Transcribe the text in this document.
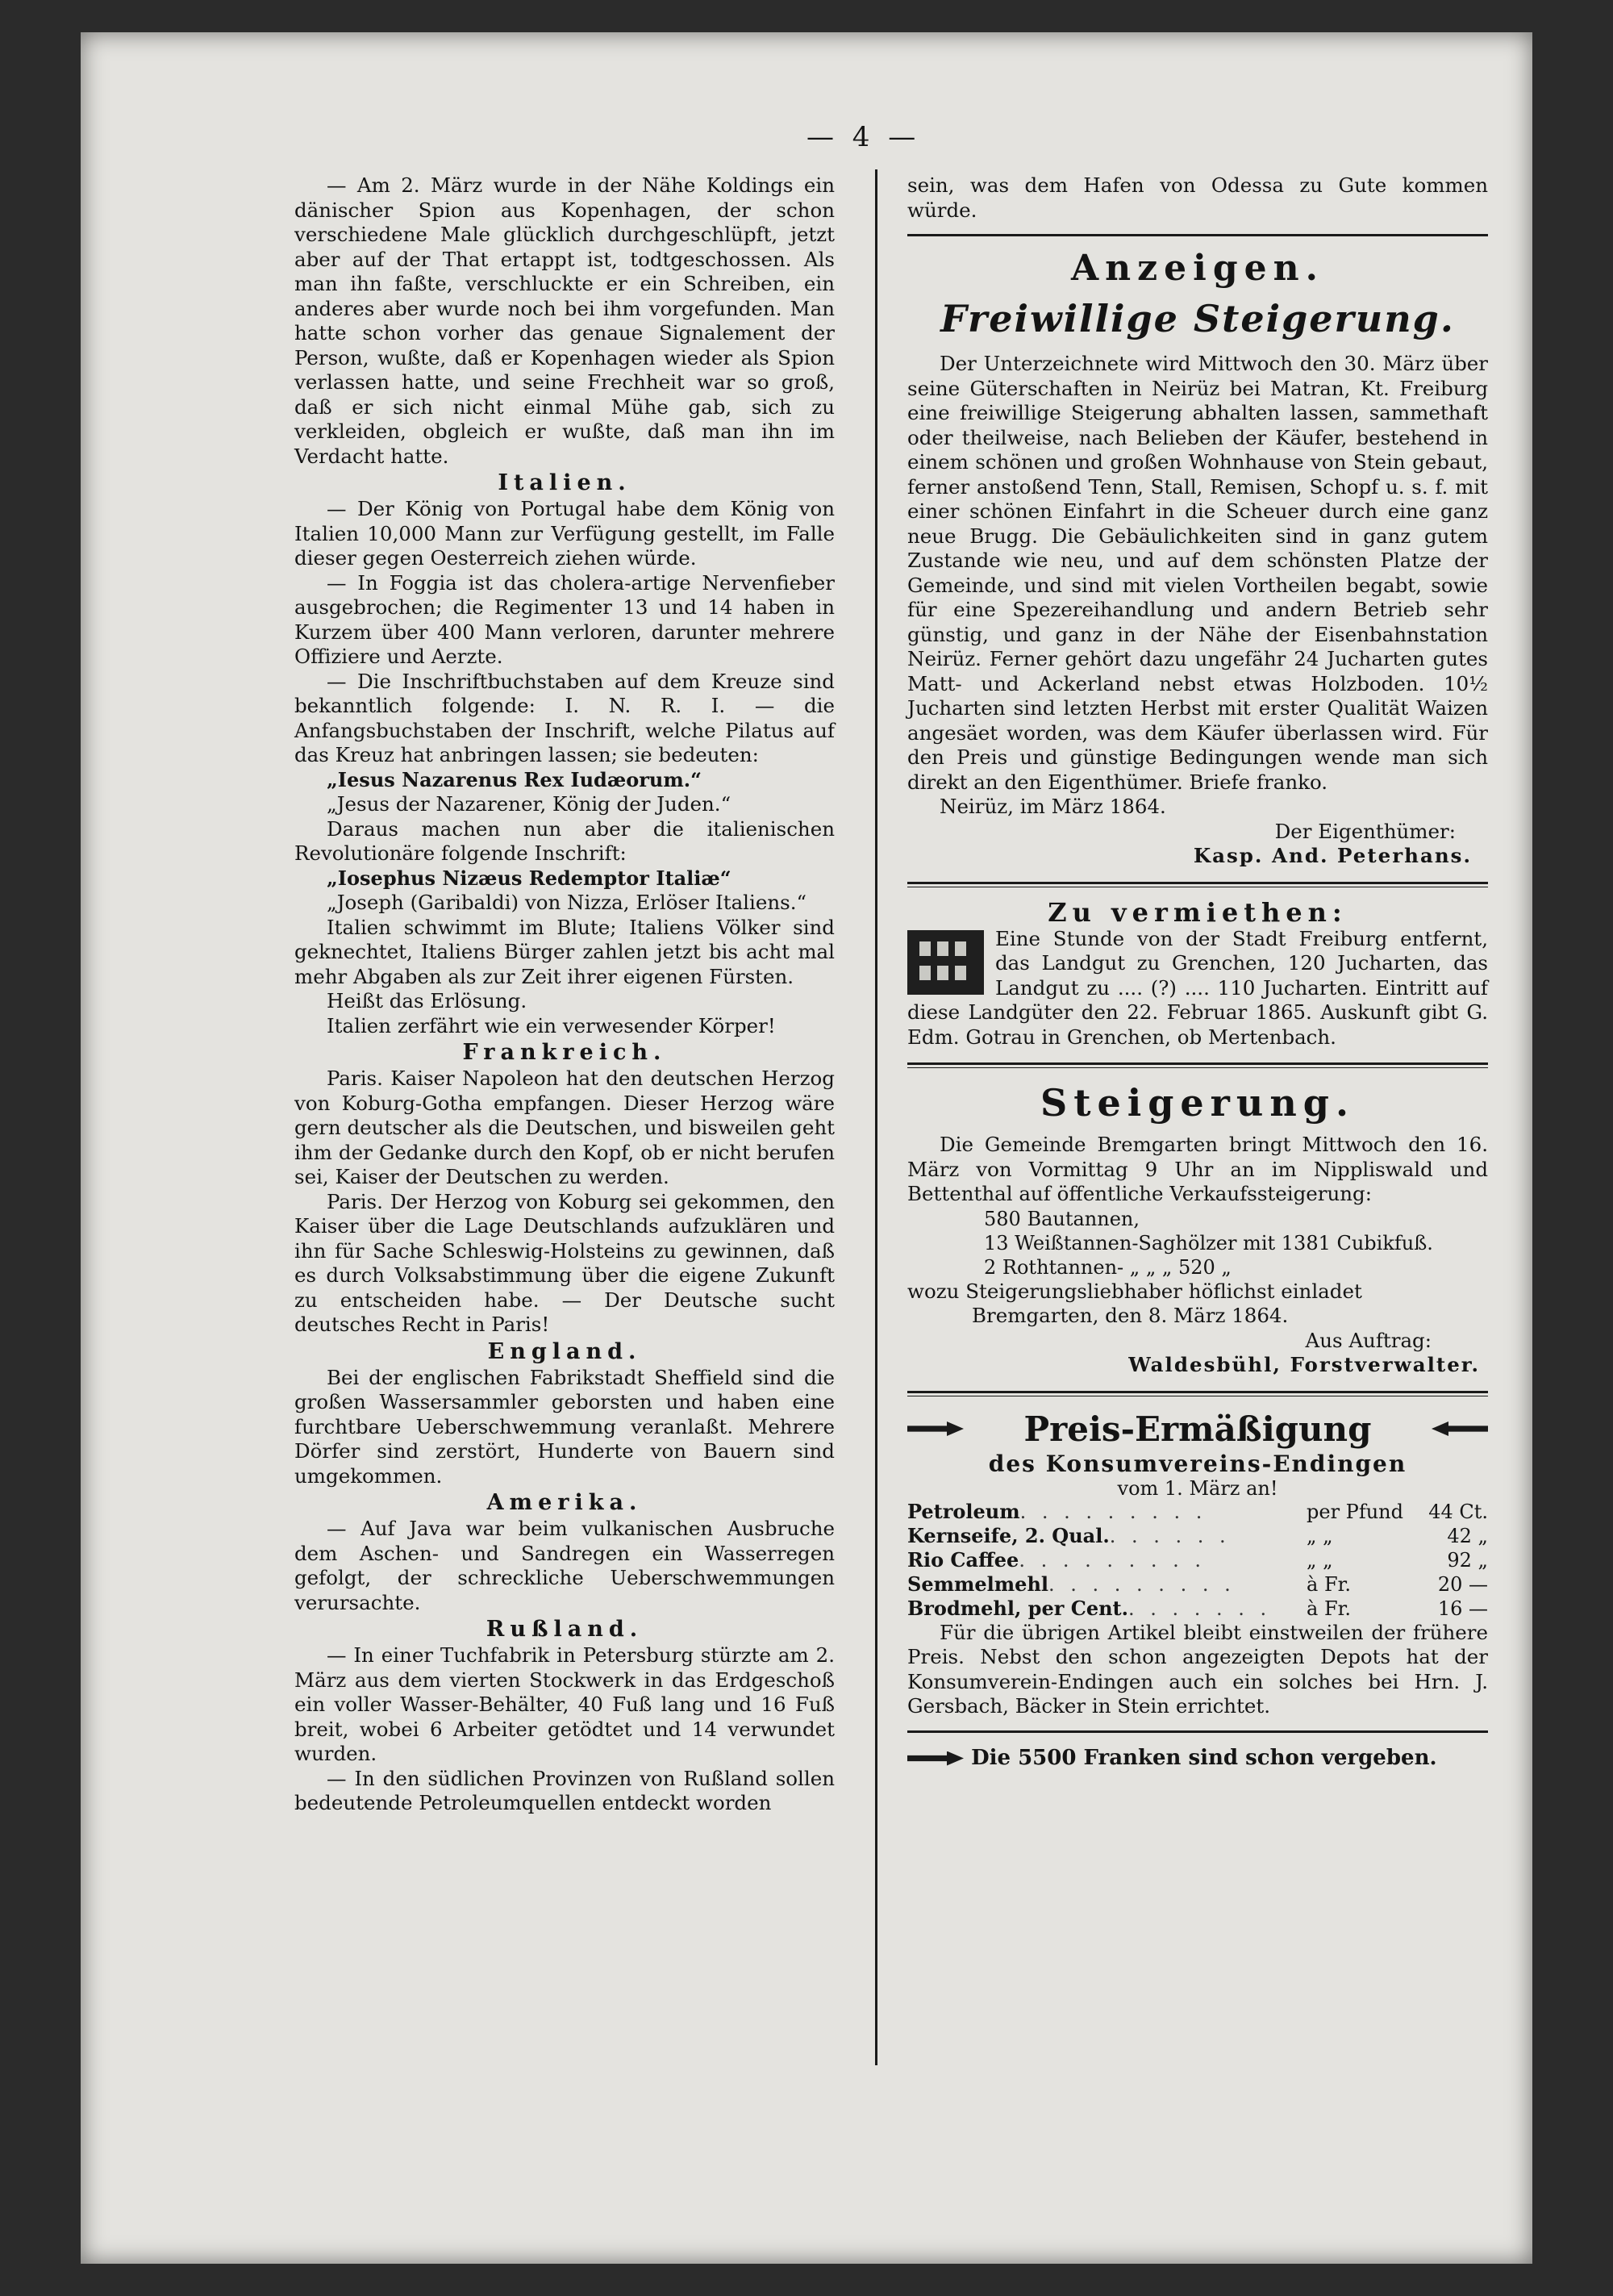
— 4 —

— Am 2. März wurde in der Nähe Koldings ein dänischer Spion aus Kopenhagen, der schon verschiedene Male glücklich durchgeschlüpft, jetzt aber auf der That ertappt ist, todtgeschossen. Als man ihn faßte, verschluckte er ein Schreiben, ein anderes aber wurde noch bei ihm vorgefunden. Man hatte schon vorher das genaue Signalement der Person, wußte, daß er Kopenhagen wieder als Spion verlassen hatte, und seine Frechheit war so groß, daß er sich nicht einmal Mühe gab, sich zu verkleiden, obgleich er wußte, daß man ihn im Verdacht hatte.

Italien.

— Der König von Portugal habe dem König von Italien 10,000 Mann zur Verfügung gestellt, im Falle dieser gegen Oesterreich ziehen würde.

— In Foggia ist das cholera-artige Nervenfieber ausgebrochen; die Regimenter 13 und 14 haben in Kurzem über 400 Mann verloren, darunter mehrere Offiziere und Aerzte.

— Die Inschriftbuchstaben auf dem Kreuze sind bekanntlich folgende: I. N. R. I. — die Anfangsbuchstaben der Inschrift, welche Pilatus auf das Kreuz hat anbringen lassen; sie bedeuten:

„Iesus Nazarenus Rex Iudæorum.“

„Jesus der Nazarener, König der Juden.“

Daraus machen nun aber die italienischen Revolutionäre folgende Inschrift:

„Iosephus Nizæus Redemptor Italiæ“

„Joseph (Garibaldi) von Nizza, Erlöser Italiens.“

Italien schwimmt im Blute; Italiens Völker sind geknechtet, Italiens Bürger zahlen jetzt bis acht mal mehr Abgaben als zur Zeit ihrer eigenen Fürsten.

Heißt das Erlösung.

Italien zerfährt wie ein verwesender Körper!

Frankreich.

Paris. Kaiser Napoleon hat den deutschen Herzog von Koburg-Gotha empfangen. Dieser Herzog wäre gern deutscher als die Deutschen, und bisweilen geht ihm der Gedanke durch den Kopf, ob er nicht berufen sei, Kaiser der Deutschen zu werden.

Paris. Der Herzog von Koburg sei gekommen, den Kaiser über die Lage Deutschlands aufzuklären und ihn für Sache Schleswig-Holsteins zu gewinnen, daß es durch Volksabstimmung über die eigene Zukunft zu entscheiden habe. — Der Deutsche sucht deutsches Recht in Paris!

England.

Bei der englischen Fabrikstadt Sheffield sind die großen Wassersammler geborsten und haben eine furchtbare Ueberschwemmung veranlaßt. Mehrere Dörfer sind zerstört, Hunderte von Bauern sind umgekommen.

Amerika.

— Auf Java war beim vulkanischen Ausbruche dem Aschen- und Sandregen ein Wasserregen gefolgt, der schreckliche Ueberschwemmungen verursachte.

Rußland.

— In einer Tuchfabrik in Petersburg stürzte am 2. März aus dem vierten Stockwerk in das Erdgeschoß ein voller Wasser-Behälter, 40 Fuß lang und 16 Fuß breit, wobei 6 Arbeiter getödtet und 14 verwundet wurden.

— In den südlichen Provinzen von Rußland sollen bedeutende Petroleumquellen entdeckt worden

sein, was dem Hafen von Odessa zu Gute kommen würde.

Anzeigen.
Freiwillige Steigerung.

Der Unterzeichnete wird Mittwoch den 30. März über seine Güterschaften in Neirüz bei Matran, Kt. Freiburg eine freiwillige Steigerung abhalten lassen, sammethaft oder theilweise, nach Belieben der Käufer, bestehend in einem schönen und großen Wohnhause von Stein gebaut, ferner anstoßend Tenn, Stall, Remisen, Schopf u. s. f. mit einer schönen Einfahrt in die Scheuer durch eine ganz neue Brugg. Die Gebäulichkeiten sind in ganz gutem Zustande wie neu, und auf dem schönsten Platze der Gemeinde, und sind mit vielen Vortheilen begabt, sowie für eine Spezereihandlung und andern Betrieb sehr günstig, und ganz in der Nähe der Eisenbahnstation Neirüz. Ferner gehört dazu ungefähr 24 Jucharten gutes Matt- und Ackerland nebst etwas Holzboden. 10½ Jucharten sind letzten Herbst mit erster Qualität Waizen angesäet worden, was dem Käufer überlassen wird. Für den Preis und günstige Bedingungen wende man sich direkt an den Eigenthümer. Briefe franko.

Neirüz, im März 1864.

Der Eigenthümer:

Kasp. And. Peterhans.

Zu vermiethen:

Eine Stunde von der Stadt Freiburg entfernt, das Landgut zu Grenchen, 120 Jucharten, das Landgut zu .... (?) .... 110 Jucharten. Eintritt auf diese Landgüter den 22. Februar 1865. Auskunft gibt G. Edm. Gotrau in Grenchen, ob Mertenbach.

Steigerung.

Die Gemeinde Bremgarten bringt Mittwoch den 16. März von Vormittag 9 Uhr an im Nippliswald und Bettenthal auf öffentliche Verkaufssteigerung:

580 Bautannen,
13 Weißtannen-Saghölzer mit 1381 Cubikfuß.
2 Rothtannen- „ „ „ 520 „

wozu Steigerungsliebhaber höflichst einladet

Bremgarten, den 8. März 1864.

Aus Auftrag:

Waldesbühl, Forstverwalter.

Preis-Ermäßigung
des Konsumvereins-Endingen
vom 1. März an!
Petroleum . . . . . . . . .	per Pfund	44 Ct.
Kernseife, 2. Qual. . . . . . .	„ „	42 „
Rio Caffee . . . . . . . . .	„ „	92 „
Semmelmehl . . . . . . . . .	à Fr.	20 —
Brodmehl, per Cent. . . . . . . .	à Fr.	16 —

Für die übrigen Artikel bleibt einstweilen der frühere Preis. Nebst den schon angezeigten Depots hat der Konsumverein-Endingen auch ein solches bei Hrn. J. Gersbach, Bäcker in Stein errichtet.

Die 5500 Franken sind schon vergeben.
